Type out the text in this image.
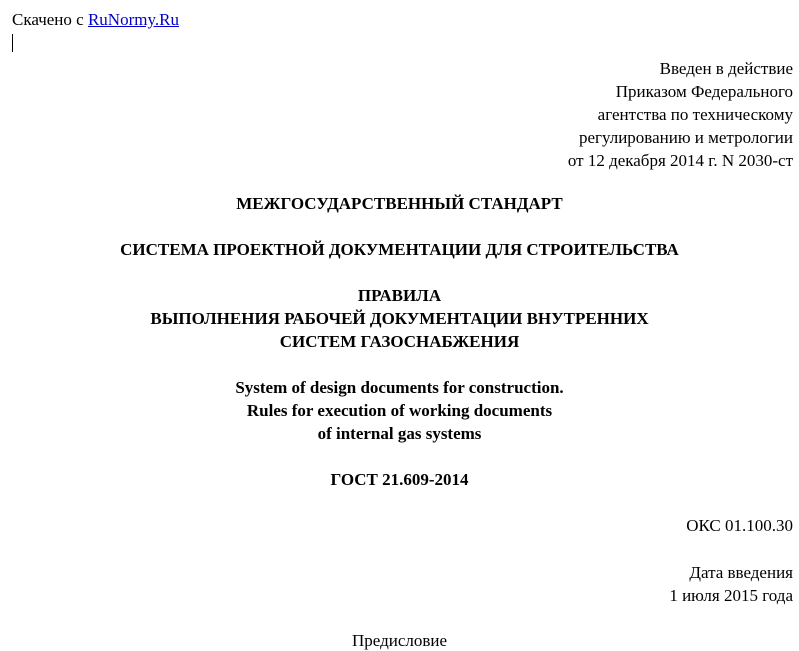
Скачено с RuNormy.Ru
Введен в действие
Приказом Федерального
агентства по техническому
регулированию и метрологии
от 12 декабря 2014 г. N 2030-ст
МЕЖГОСУДАРСТВЕННЫЙ СТАНДАРТ
СИСТЕМА ПРОЕКТНОЙ ДОКУМЕНТАЦИИ ДЛЯ СТРОИТЕЛЬСТВА
ПРАВИЛА
ВЫПОЛНЕНИЯ РАБОЧЕЙ ДОКУМЕНТАЦИИ ВНУТРЕННИХ
СИСТЕМ ГАЗОСНАБЖЕНИЯ
System of design documents for construction.
Rules for execution of working documents
of internal gas systems
ГОСТ 21.609-2014
ОКС 01.100.30
Дата введения
1 июля 2015 года
Предисловие
